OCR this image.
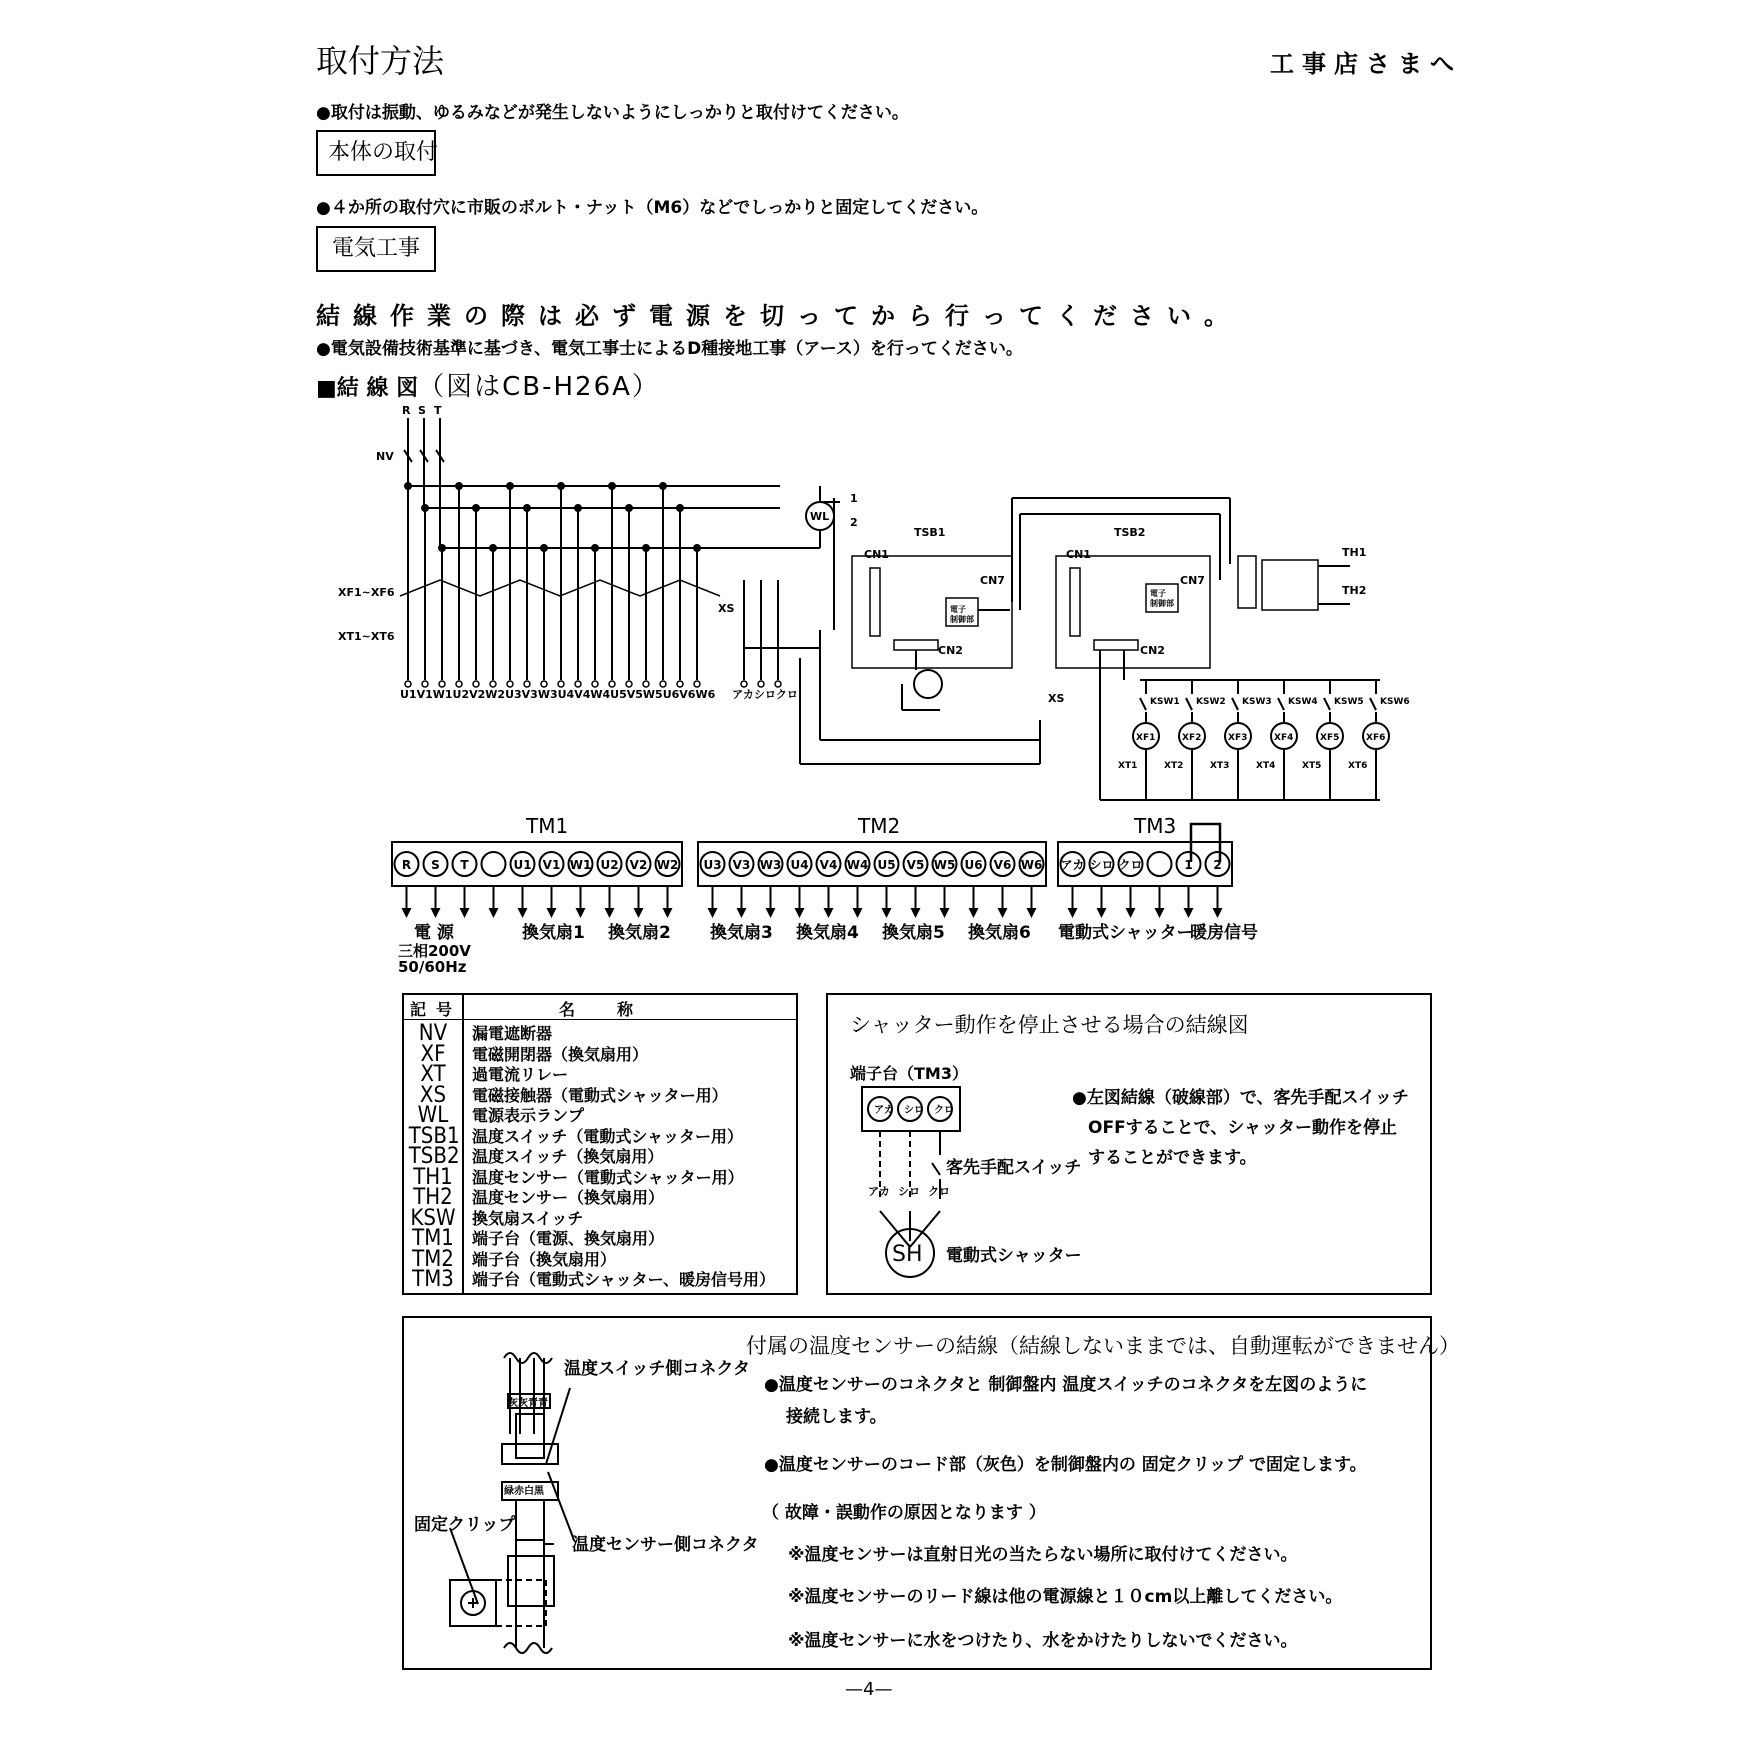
取付方法	工事店さまへ
●取付は振動、ゆるみなどが発生しないようにしっかりと取付けてください。
本体の取付
●４か所の取付穴に市販のボルト・ナット（M6）などでしっかりと固定してください。
電気工事
結線作業の際は必ず電源を切ってから行ってください。
●電気設備技術基準に基づき、電気工事士によるD種接地工事（アース）を行ってください。
■結 線 図（図はCB-H26A）
KSW1
XF1
XT1
KSW2
XF2
XT2
KSW3
XF3
XT3
KSW4
XF4
XT4
KSW5
XF5
XT5
KSW6
XF6
XT6
R S T
NV
XF1~XF6
XT1~XT6
XS
WL
1
2
U1V1W1U2V2W2U3V3W3U4V4W4U5V5W5U6V6W6 アカシロクロ
TSB1	TSB2
CN1	CN1
CN2	CN2
CN7	CN7
電子
制御部
電子
制御部
TH1
TH2
XS
TM1	TM2	TM3
R S T	U1 V1 W1 U2 V2 W2 U3 V3 W3 U4 V4 W4 U5 V5 W5 U6 V6 W6 アカ シロ クロ	1 2
電 源
三相200V
50/60Hz
換気扇1 換気扇2 換気扇3 換気扇4 換気扇5 換気扇6 電動式シャッター
暖房信号
記号	名称
NV	漏電遮断器
XF	電磁開閉器（換気扇用）
XT	過電流リレー
XS	電磁接触器（電動式シャッター用）
WL	電源表示ランプ
TSB1 温度スイッチ（電動式シャッター用）
TSB2 温度スイッチ（換気扇用）
TH1 温度センサー（電動式シャッター用）
TH2 温度センサー（換気扇用）
KSW 換気扇スイッチ
TM1 端子台（電源、換気扇用）
TM2 端子台（換気扇用）
TM3 端子台（電動式シャッター、暖房信号用）
シャッター動作を停止させる場合の結線図
端子台（TM3）
アカ シロ クロ
アカ シロ クロ
SH
客先手配スイッチ
電動式シャッター
●左図結線（破線部）で、客先手配スイッチ
OFFすることで、シャッター動作を停止
することができます。
付属の温度センサーの結線（結線しないままでは、自動運転ができません）
灰灰青青
緑赤白黒
温度スイッチ側コネクタ
温度センサー側コネクタ
固定クリップ
●温度センサーのコネクタと 制御盤内 温度スイッチのコネクタを左図のように
接続します。
●温度センサーのコード部（灰色）を制御盤内の 固定クリップ で固定します。
（ 故障・誤動作の原因となります ）
※温度センサーは直射日光の当たらない場所に取付けてください。
※温度センサーのリード線は他の電源線と１０cm以上離してください。
※温度センサーに水をつけたり、水をかけたりしないでください。
—4—
